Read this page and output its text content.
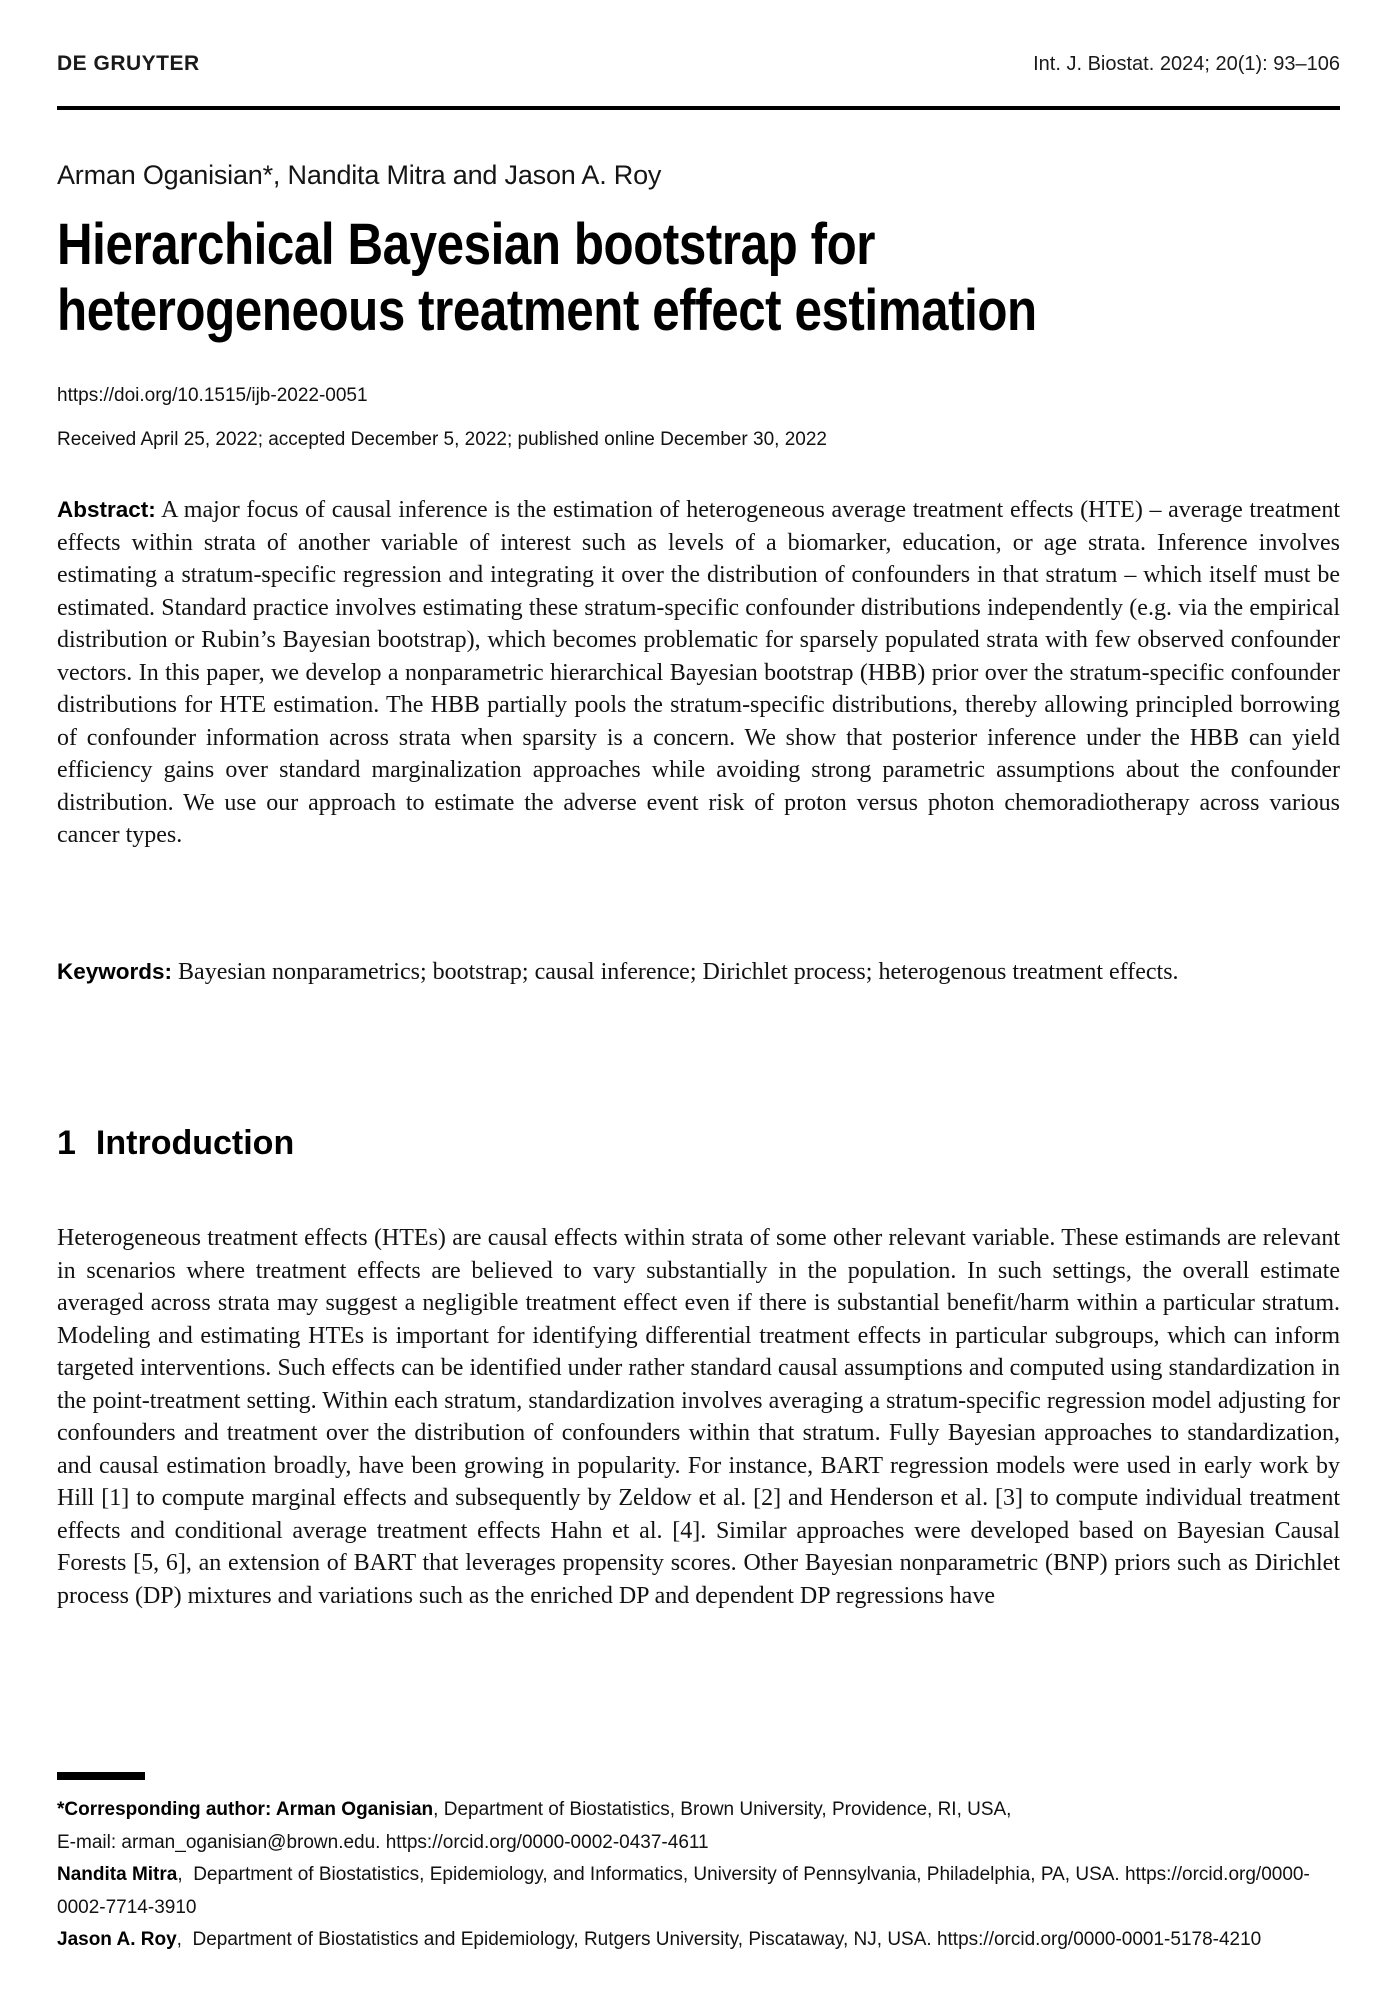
DE GRUYTER	Int. J. Biostat. 2024; 20(1): 93–106
Arman Oganisian*, Nandita Mitra and Jason A. Roy
Hierarchical Bayesian bootstrap for
heterogeneous treatment effect estimation
https://doi.org/10.1515/ijb-2022-0051
Received April 25, 2022; accepted December 5, 2022; published online December 30, 2022
Abstract: A major focus of causal inference is the estimation of heterogeneous average treatment effects (HTE) – average treatment effects within strata of another variable of interest such as levels of a biomarker, education, or age strata. Inference involves estimating a stratum-specific regression and integrating it over the distribution of confounders in that stratum – which itself must be estimated. Standard practice involves estimating these stratum-specific confounder distributions independently (e.g. via the empirical distribution or Rubin’s Bayesian bootstrap), which becomes problematic for sparsely populated strata with few observed confounder vectors. In this paper, we develop a nonparametric hierarchical Bayesian bootstrap (HBB) prior over the stratum-specific confounder distributions for HTE estimation. The HBB partially pools the stratum-specific distributions, thereby allowing principled borrowing of confounder information across strata when sparsity is a concern. We show that posterior inference under the HBB can yield efficiency gains over standard marginalization approaches while avoiding strong parametric assumptions about the confounder distribution. We use our approach to estimate the adverse event risk of proton versus photon chemoradiotherapy across various cancer types.
Keywords: Bayesian nonparametrics; bootstrap; causal inference; Dirichlet process; heterogenous treatment effects.
1 Introduction
Heterogeneous treatment effects (HTEs) are causal effects within strata of some other relevant variable. These estimands are relevant in scenarios where treatment effects are believed to vary substantially in the population. In such settings, the overall estimate averaged across strata may suggest a negligible treatment effect even if there is substantial benefit/harm within a particular stratum. Modeling and estimating HTEs is important for identifying differential treatment effects in particular subgroups, which can inform targeted interventions. Such effects can be identified under rather standard causal assumptions and computed using standardization in the point-treatment setting. Within each stratum, standardization involves averaging a stratum-specific regression model adjusting for confounders and treatment over the distribution of confounders within that stratum. Fully Bayesian approaches to standardization, and causal estimation broadly, have been growing in popularity. For instance, BART regression models were used in early work by Hill [1] to compute marginal effects and subsequently by Zeldow et al. [2] and Henderson et al. [3] to compute individual treatment effects and conditional average treatment effects Hahn et al. [4]. Similar approaches were developed based on Bayesian Causal Forests [5, 6], an extension of BART that leverages propensity scores. Other Bayesian nonparametric (BNP) priors such as Dirichlet process (DP) mixtures and variations such as the enriched DP and dependent DP regressions have

*Corresponding author: Arman Oganisian, Department of Biostatistics, Brown University, Providence, RI, USA,

E-mail: arman_oganisian@brown.edu. https://orcid.org/0000-0002-0437-4611

Nandita Mitra,  Department of Biostatistics, Epidemiology, and Informatics, University of Pennsylvania, Philadelphia, PA, USA. https://orcid.org/0000-0002-7714-3910

Jason A. Roy,  Department of Biostatistics and Epidemiology, Rutgers University, Piscataway, NJ, USA. https://orcid.org/0000-0001-5178-4210
